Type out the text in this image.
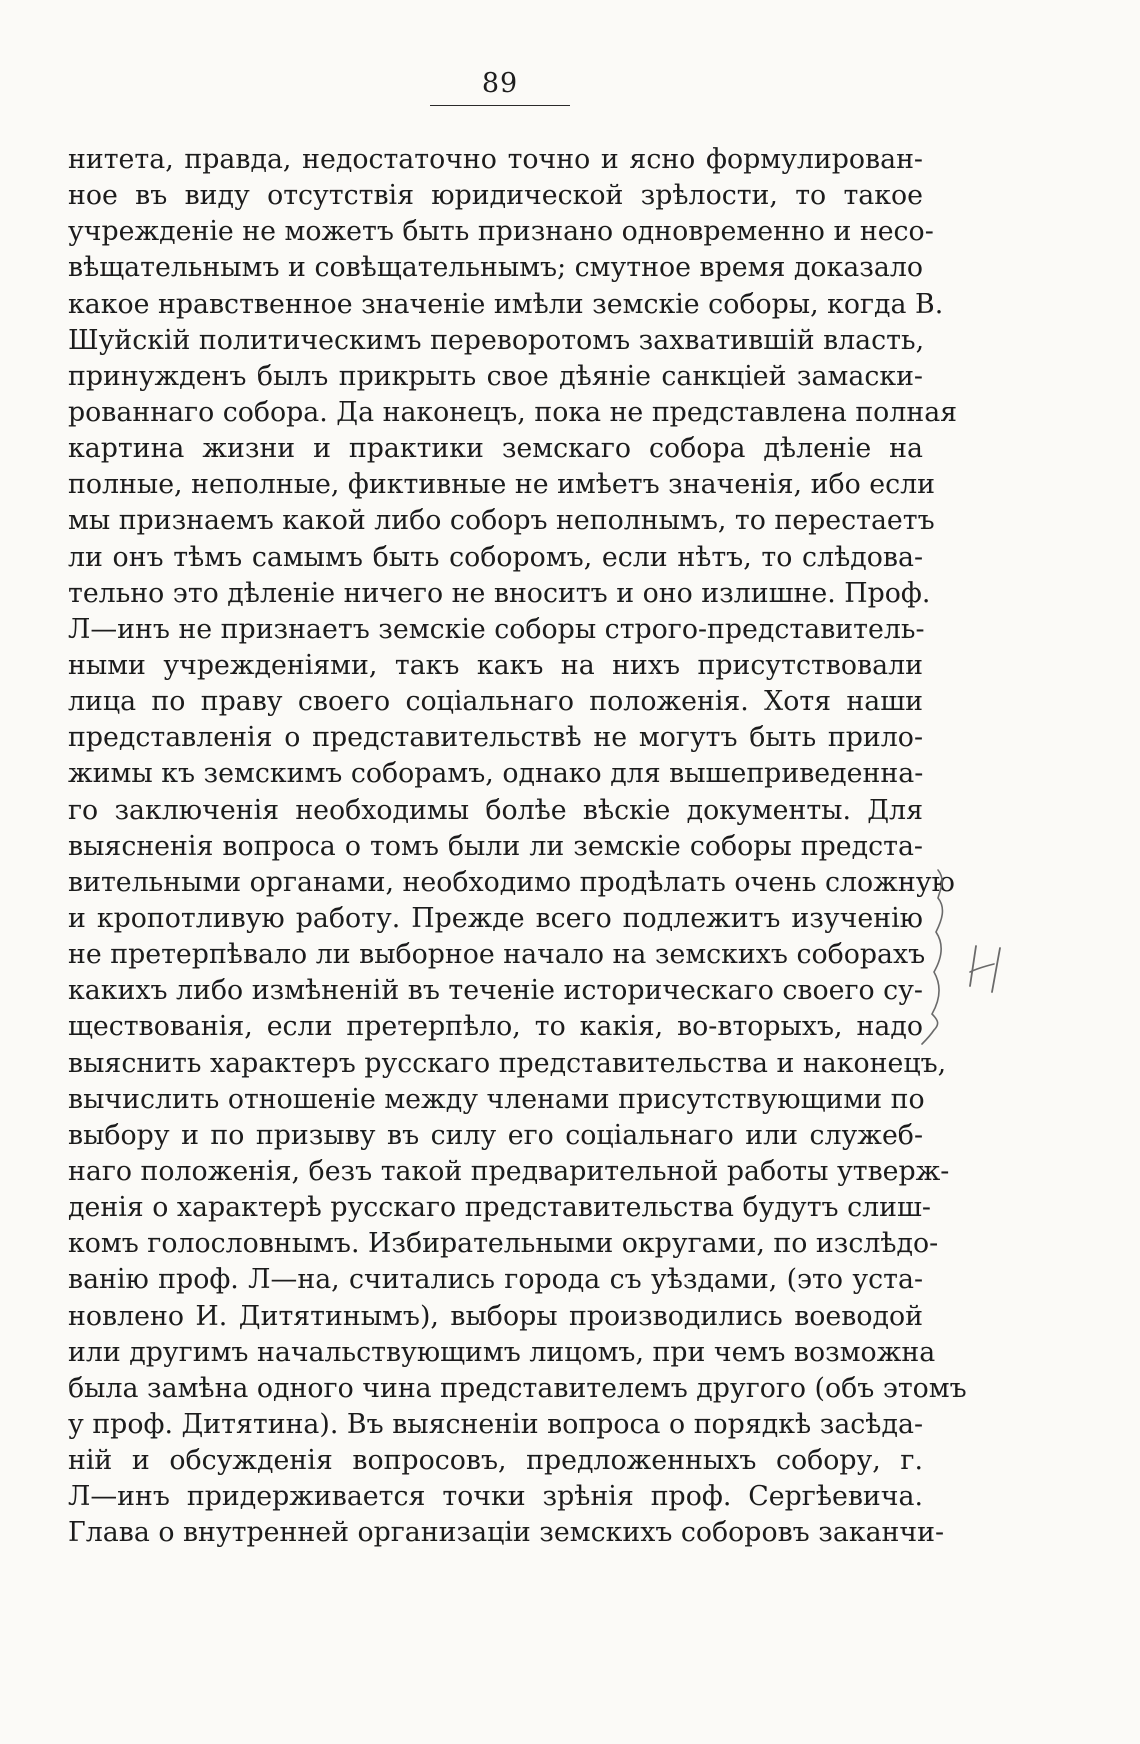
89
нитета, правда, недостаточно точно и ясно формулирован-
ное въ виду отсутствія юридической зрѣлости, то такое
учрежденіе не можетъ быть признано одновременно и несо-
вѣщательнымъ и совѣщательнымъ; смутное время доказало
какое нравственное значеніе имѣли земскіе соборы, когда В.
Шуйскій политическимъ переворотомъ захватившій власть,
принужденъ былъ прикрыть свое дѣяніе санкціей замаски-
рованнаго собора. Да наконецъ, пока не представлена полная
картина жизни и практики земскаго собора дѣленіе на
полные, неполные, фиктивные не имѣетъ значенія, ибо если
мы признаемъ какой либо соборъ неполнымъ, то перестаетъ
ли онъ тѣмъ самымъ быть соборомъ, если нѣтъ, то слѣдова-
тельно это дѣленіе ничего не вноситъ и оно излишне. Проф.
Л—инъ не признаетъ земскіе соборы строго-представитель-
ными учрежденіями, такъ какъ на нихъ присутствовали
лица по праву своего соціальнаго положенія. Хотя наши
представленія о представительствѣ не могутъ быть прило-
жимы къ земскимъ соборамъ, однако для вышеприведенна-
го заключенія необходимы болѣе вѣскіе документы. Для
выясненія вопроса о томъ были ли земскіе соборы предста-
вительными органами, необходимо продѣлать очень сложную
и кропотливую работу. Прежде всего подлежитъ изученію
не претерпѣвало ли выборное начало на земскихъ соборахъ
какихъ либо измѣненій въ теченіе историческаго своего су-
ществованія, если претерпѣло, то какія, во-вторыхъ, надо
выяснить характеръ русскаго представительства и наконецъ,
вычислить отношеніе между членами присутствующими по
выбору и по призыву въ силу его соціальнаго или служеб-
наго положенія, безъ такой предварительной работы утверж-
денія о характерѣ русскаго представительства будутъ слиш-
комъ голословнымъ. Избирательными округами, по изслѣдо-
ванію проф. Л—на, считались города съ уѣздами, (это уста-
новлено И. Дитятинымъ), выборы производились воеводой
или другимъ начальствующимъ лицомъ, при чемъ возможна
была замѣна одного чина представителемъ другого (объ этомъ
у проф. Дитятина). Въ выясненіи вопроса о порядкѣ засѣда-
ній и обсужденія вопросовъ, предложенныхъ собору, г.
Л—инъ придерживается точки зрѣнія проф. Сергѣевича.
Глава о внутренней организаціи земскихъ соборовъ заканчи-
